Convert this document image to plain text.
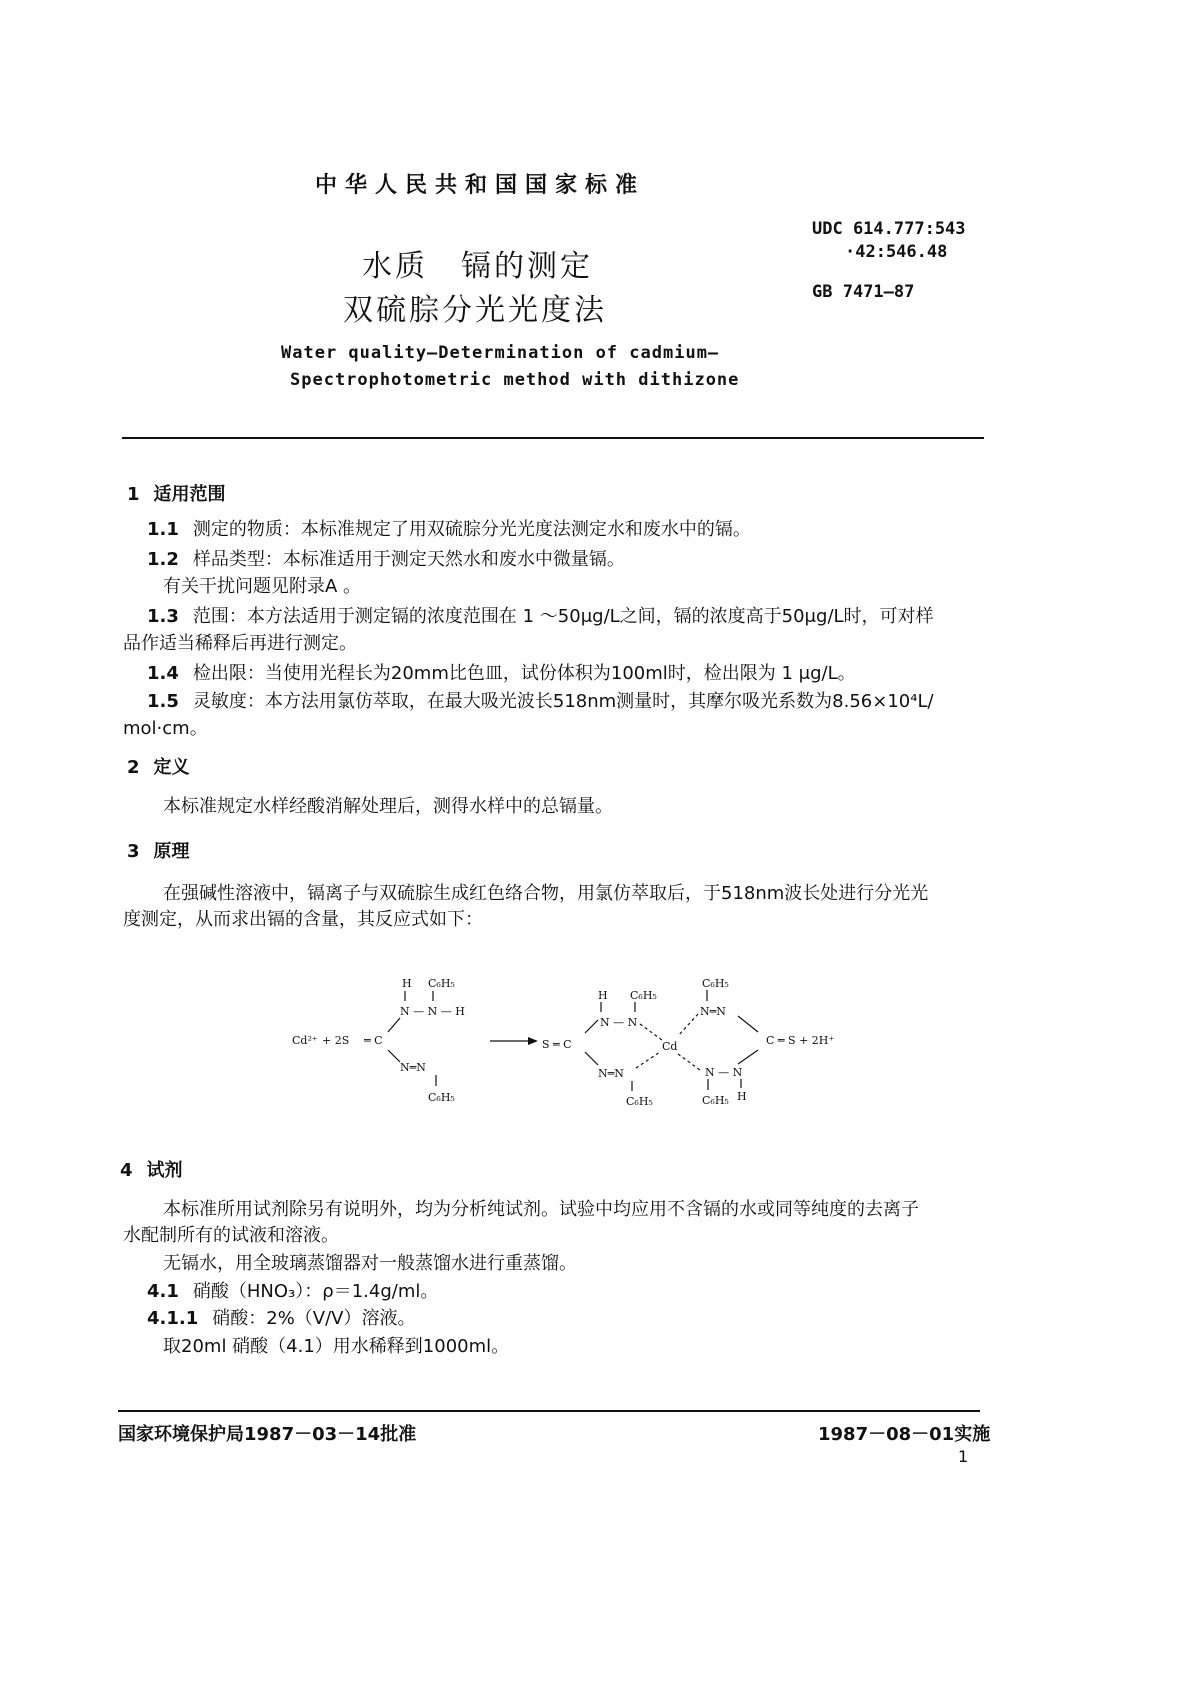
中华人民共和国国家标准
UDC 614.777:543
·42:546.48
GB 7471—87
水质　镉的测定
双硫腙分光光度法
Water quality—Determination of cadmium—
Spectrophotometric method with dithizone
1 适用范围
1.1 测定的物质：本标准规定了用双硫腙分光光度法测定水和废水中的镉。
1.2 样品类型：本标准适用于测定天然水和废水中微量镉。
有关干扰问题见附录A 。
1.3 范围：本方法适用于测定镉的浓度范围在 1 ～50μg/L之间，镉的浓度高于50μg/L时，可对样
品作适当稀释后再进行测定。
1.4 检出限：当使用光程长为20mm比色皿，试份体积为100ml时，检出限为 1 μg/L。
1.5 灵敏度：本方法用氯仿萃取，在最大吸光波长518nm测量时，其摩尔吸光系数为8.56×10⁴L/
mol·cm。
2 定义
本标准规定水样经酸消解处理后，测得水样中的总镉量。
3 原理
在强碱性溶液中，镉离子与双硫腙生成红色络合物，用氯仿萃取后，于518nm波长处进行分光光
度测定，从而求出镉的含量，其反应式如下：
H C₆H₅
N — N — H
Cd²⁺ + 2S ═ C
N═N
C₆H₅
H C₆H₅
N — N
S ═ C
N═N
C₆H₅
Cd
C₆H₅
N═N
C ═ S + 2H⁺
N — N
C₆H₅ H
4 试剂
本标准所用试剂除另有说明外，均为分析纯试剂。试验中均应用不含镉的水或同等纯度的去离子
水配制所有的试液和溶液。
无镉水，用全玻璃蒸馏器对一般蒸馏水进行重蒸馏。
4.1 硝酸（HNO₃）：ρ＝1.4g/ml。
4.1.1 硝酸：2%（V/V）溶液。
取20ml 硝酸（4.1）用水稀释到1000ml。
国家环境保护局1987－03－14批准	1987－08－01实施
1
